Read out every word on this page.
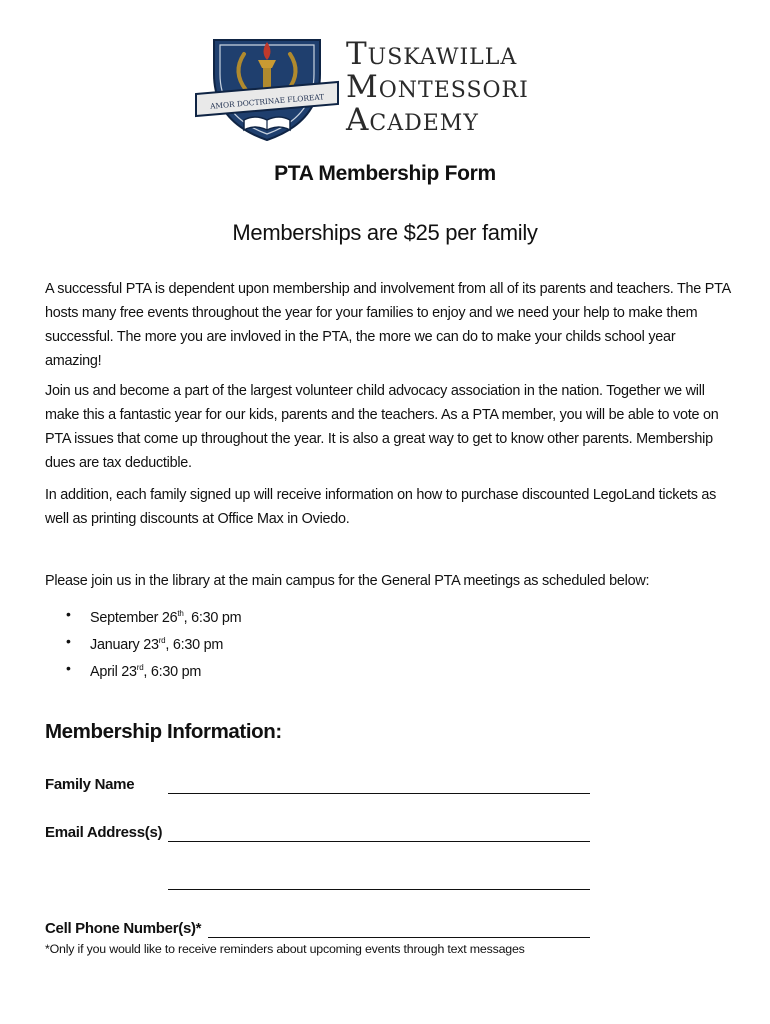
AMOR DOCTRINAE FLOREAT
Tuskawilla
Montessori
Academy
PTA Membership Form
Memberships are $25 per family
A successful PTA is dependent upon membership and involvement from all of its parents and teachers. The PTA hosts many free events throughout the year for your families to enjoy and we need your help to make them successful. The more you are invloved in the PTA, the more we can do to make your childs school year amazing!
Join us and become a part of the largest volunteer child advocacy association in the nation. Together we will make this a fantastic year for our kids, parents and the teachers. As a PTA member, you will be able to vote on PTA issues that come up throughout the year. It is also a great way to get to know other parents. Membership dues are tax deductible.
In addition, each family signed up will receive information on how to purchase discounted LegoLand tickets as well as printing discounts at Office Max in Oviedo.
Please join us in the library at the main campus for the General PTA meetings as scheduled below:
•	September 26th, 6:30 pm
•	January 23rd, 6:30 pm
•	April 23rd, 6:30 pm
Membership Information:
Family Name
Email Address(s)
Cell Phone Number(s)*
*Only if you would like to receive reminders about upcoming events through text messages
